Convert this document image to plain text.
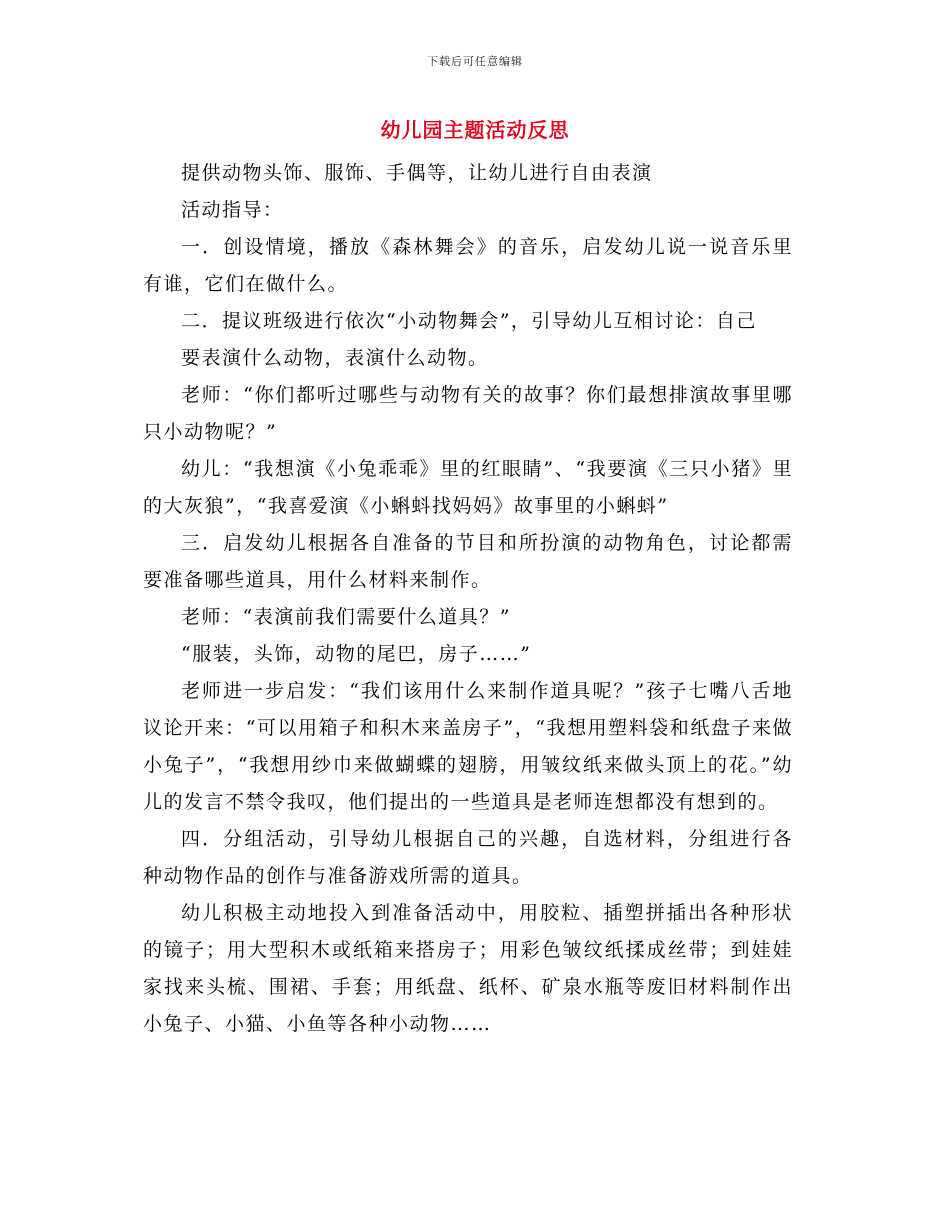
下载后可任意编辑
幼儿园主题活动反思

提供动物头饰、服饰、手偶等，让幼儿进行自由表演

活动指导：

一．创设情境，播放《森林舞会》的音乐，启发幼儿说一说音乐里有谁，它们在做什么。

二．提议班级进行依次“小动物舞会”，引导幼儿互相讨论：自己

要表演什么动物，表演什么动物。

老师：“你们都听过哪些与动物有关的故事？你们最想排演故事里哪只小动物呢？”

幼儿：“我想演《小兔乖乖》里的红眼睛”、“我要演《三只小猪》里的大灰狼”，“我喜爱演《小蝌蚪找妈妈》故事里的小蝌蚪”

三．启发幼儿根据各自准备的节目和所扮演的动物角色，讨论都需要准备哪些道具，用什么材料来制作。

老师：“表演前我们需要什么道具？”

“服装，头饰，动物的尾巴，房子……”

老师进一步启发：“我们该用什么来制作道具呢？”孩子七嘴八舌地议论开来：“可以用箱子和积木来盖房子”，“我想用塑料袋和纸盘子来做小兔子”，“我想用纱巾来做蝴蝶的翅膀，用皱纹纸来做头顶上的花。”幼儿的发言不禁令我叹，他们提出的一些道具是老师连想都没有想到的。

四．分组活动，引导幼儿根据自己的兴趣，自选材料，分组进行各种动物作品的创作与准备游戏所需的道具。

幼儿积极主动地投入到准备活动中，用胶粒、插塑拼插出各种形状的镜子；用大型积木或纸箱来搭房子；用彩色皱纹纸揉成丝带；到娃娃家找来头梳、围裙、手套；用纸盘、纸杯、矿泉水瓶等废旧材料制作出小兔子、小猫、小鱼等各种小动物……
